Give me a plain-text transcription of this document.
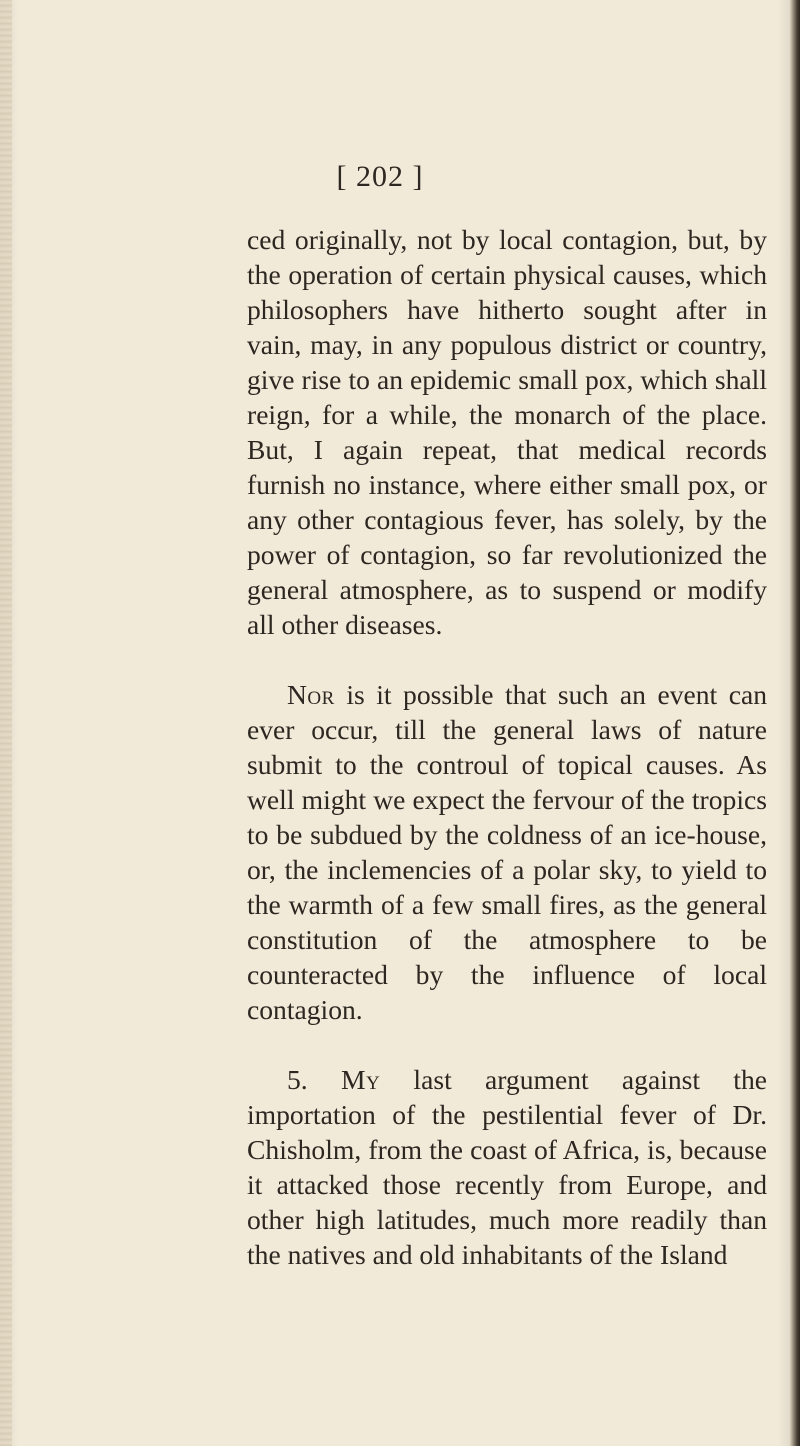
[ 202 ]

ced originally, not by local contagion, but, by the operation of certain physical causes, which philosophers have hitherto sought after in vain, may, in any populous district or country, give rise to an epidemic small pox, which shall reign, for a while, the monarch of the place. But, I again repeat, that medical records furnish no instance, where either small pox, or any other contagious fever, has solely, by the power of contagion, so far revolutionized the general atmosphere, as to suspend or modify all other diseases.

Nor is it possible that such an event can ever occur, till the general laws of nature submit to the controul of topical causes. As well might we expect the fervour of the tropics to be subdued by the coldness of an ice-house, or, the inclemencies of a polar sky, to yield to the warmth of a few small fires, as the general constitution of the atmosphere to be counteracted by the influence of local contagion.

5. My last argument against the importation of the pestilential fever of Dr. Chisholm, from the coast of Africa, is, because it attacked those recently from Europe, and other high latitudes, much more readily than the natives and old inhabitants of the Island
